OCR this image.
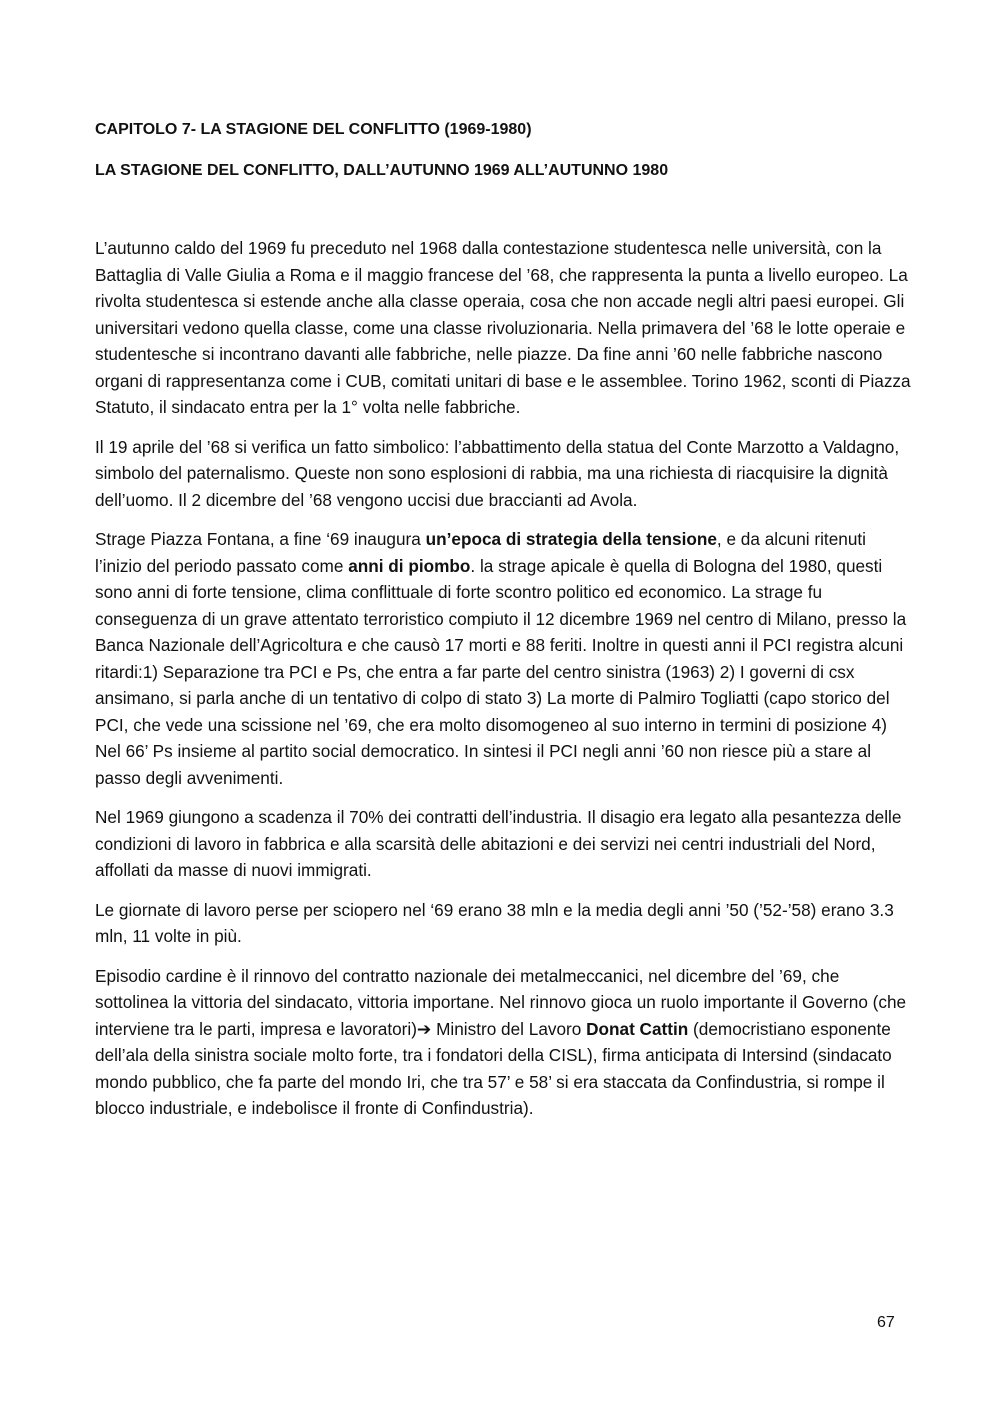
CAPITOLO 7- LA STAGIONE DEL CONFLITTO (1969-1980)
LA STAGIONE DEL CONFLITTO, DALL’AUTUNNO 1969 ALL’AUTUNNO 1980

L’autunno caldo del 1969 fu preceduto nel 1968 dalla contestazione studentesca nelle università, con la Battaglia di Valle Giulia a Roma e il maggio francese del ’68, che rappresenta la punta a livello europeo. La rivolta studentesca si estende anche alla classe operaia, cosa che non accade negli altri paesi europei. Gli universitari vedono quella classe, come una classe rivoluzionaria. Nella primavera del ’68 le lotte operaie e studentesche si incontrano davanti alle fabbriche, nelle piazze. Da fine anni ’60 nelle fabbriche nascono organi di rappresentanza come i CUB, comitati unitari di base e le assemblee. Torino 1962, sconti di Piazza Statuto, il sindacato entra per la 1° volta nelle fabbriche.

Il 19 aprile del ’68 si verifica un fatto simbolico: l’abbattimento della statua del Conte Marzotto a Valdagno, simbolo del paternalismo. Queste non sono esplosioni di rabbia, ma una richiesta di riacquisire la dignità dell’uomo. Il 2 dicembre del ’68 vengono uccisi due braccianti ad Avola.

Strage Piazza Fontana, a fine ‘69 inaugura un’epoca di strategia della tensione, e da alcuni ritenuti l’inizio del periodo passato come anni di piombo. la strage apicale è quella di Bologna del 1980, questi sono anni di forte tensione, clima conflittuale di forte scontro politico ed economico. La strage fu conseguenza di un grave attentato terroristico compiuto il 12 dicembre 1969 nel centro di Milano, presso la Banca Nazionale dell’Agricoltura e che causò 17 morti e 88 feriti. Inoltre in questi anni il PCI registra alcuni ritardi:1) Separazione tra PCI e Ps, che entra a far parte del centro sinistra (1963) 2) I governi di csx ansimano, si parla anche di un tentativo di colpo di stato 3) La morte di Palmiro Togliatti (capo storico del PCI, che vede una scissione nel ’69, che era molto disomogeneo al suo interno in termini di posizione 4) Nel 66’ Ps insieme al partito social democratico. In sintesi il PCI negli anni ’60 non riesce più a stare al passo degli avvenimenti.

Nel 1969 giungono a scadenza il 70% dei contratti dell’industria. Il disagio era legato alla pesantezza delle condizioni di lavoro in fabbrica e alla scarsità delle abitazioni e dei servizi nei centri industriali del Nord, affollati da masse di nuovi immigrati.

Le giornate di lavoro perse per sciopero nel ‘69 erano 38 mln e la media degli anni ’50 (’52-’58) erano 3.3 mln, 11 volte in più.

Episodio cardine è il rinnovo del contratto nazionale dei metalmeccanici, nel dicembre del ’69, che sottolinea la vittoria del sindacato, vittoria importane. Nel rinnovo gioca un ruolo importante il Governo (che interviene tra le parti, impresa e lavoratori)➔ Ministro del Lavoro Donat Cattin (democristiano esponente dell’ala della sinistra sociale molto forte, tra i fondatori della CISL), firma anticipata di Intersind (sindacato mondo pubblico, che fa parte del mondo Iri, che tra 57’ e 58’ si era staccata da Confindustria, si rompe il blocco industriale, e indebolisce il fronte di Confindustria).

67
